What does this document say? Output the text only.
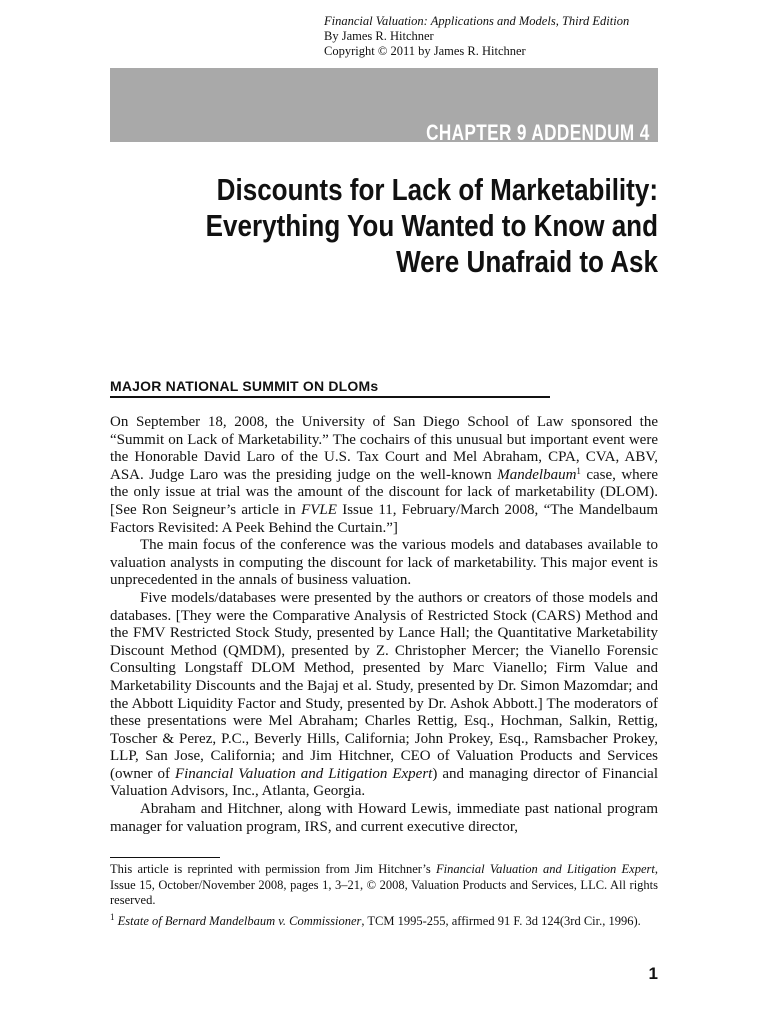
Financial Valuation: Applications and Models, Third Edition
By James R. Hitchner
Copyright © 2011 by James R. Hitchner
CHAPTER 9 ADDENDUM 4
Discounts for Lack of Marketability:
Everything You Wanted to Know and
Were Unafraid to Ask
MAJOR NATIONAL SUMMIT ON DLOMs

On September 18, 2008, the University of San Diego School of Law sponsored the “Summit on Lack of Marketability.” The cochairs of this unusual but important event were the Honorable David Laro of the U.S. Tax Court and Mel Abraham, CPA, CVA, ABV, ASA. Judge Laro was the presiding judge on the well-known Mandelbaum$^1$ case, where the only issue at trial was the amount of the discount for lack of marketability (DLOM). [See Ron Seigneur’s article in FVLE Issue 11, February/March 2008, “The Mandelbaum Factors Revisited: A Peek Behind the Curtain.”]

The main focus of the conference was the various models and databases available to valuation analysts in computing the discount for lack of marketability. This major event is unprecedented in the annals of business valuation.

Five models/databases were presented by the authors or creators of those models and databases. [They were the Comparative Analysis of Restricted Stock (CARS) Method and the FMV Restricted Stock Study, presented by Lance Hall; the Quantitative Marketability Discount Method (QMDM), presented by Z. Christopher Mercer; the Vianello Forensic Consulting Longstaff DLOM Method, presented by Marc Vianello; Firm Value and Marketability Discounts and the Bajaj et al. Study, presented by Dr. Simon Mazomdar; and the Abbott Liquidity Factor and Study, presented by Dr. Ashok Abbott.] The moderators of these presentations were Mel Abraham; Charles Rettig, Esq., Hochman, Salkin, Rettig, Toscher & Perez, P.C., Beverly Hills, California; John Prokey, Esq., Ramsbacher Prokey, LLP, San Jose, California; and Jim Hitchner, CEO of Valuation Products and Services (owner of Financial Valuation and Litigation Expert) and managing director of Financial Valuation Advisors, Inc., Atlanta, Georgia.

Abraham and Hitchner, along with Howard Lewis, immediate past national program manager for valuation program, IRS, and current executive director,

This article is reprinted with permission from Jim Hitchner’s Financial Valuation and Litigation Expert, Issue 15, October/November 2008, pages 1, 3–21, © 2008, Valuation Products and Services, LLC. All rights reserved.

$^1$ Estate of Bernard Mandelbaum v. Commissioner, TCM 1995-255, affirmed 91 F. 3d 124(3rd Cir., 1996).

1
